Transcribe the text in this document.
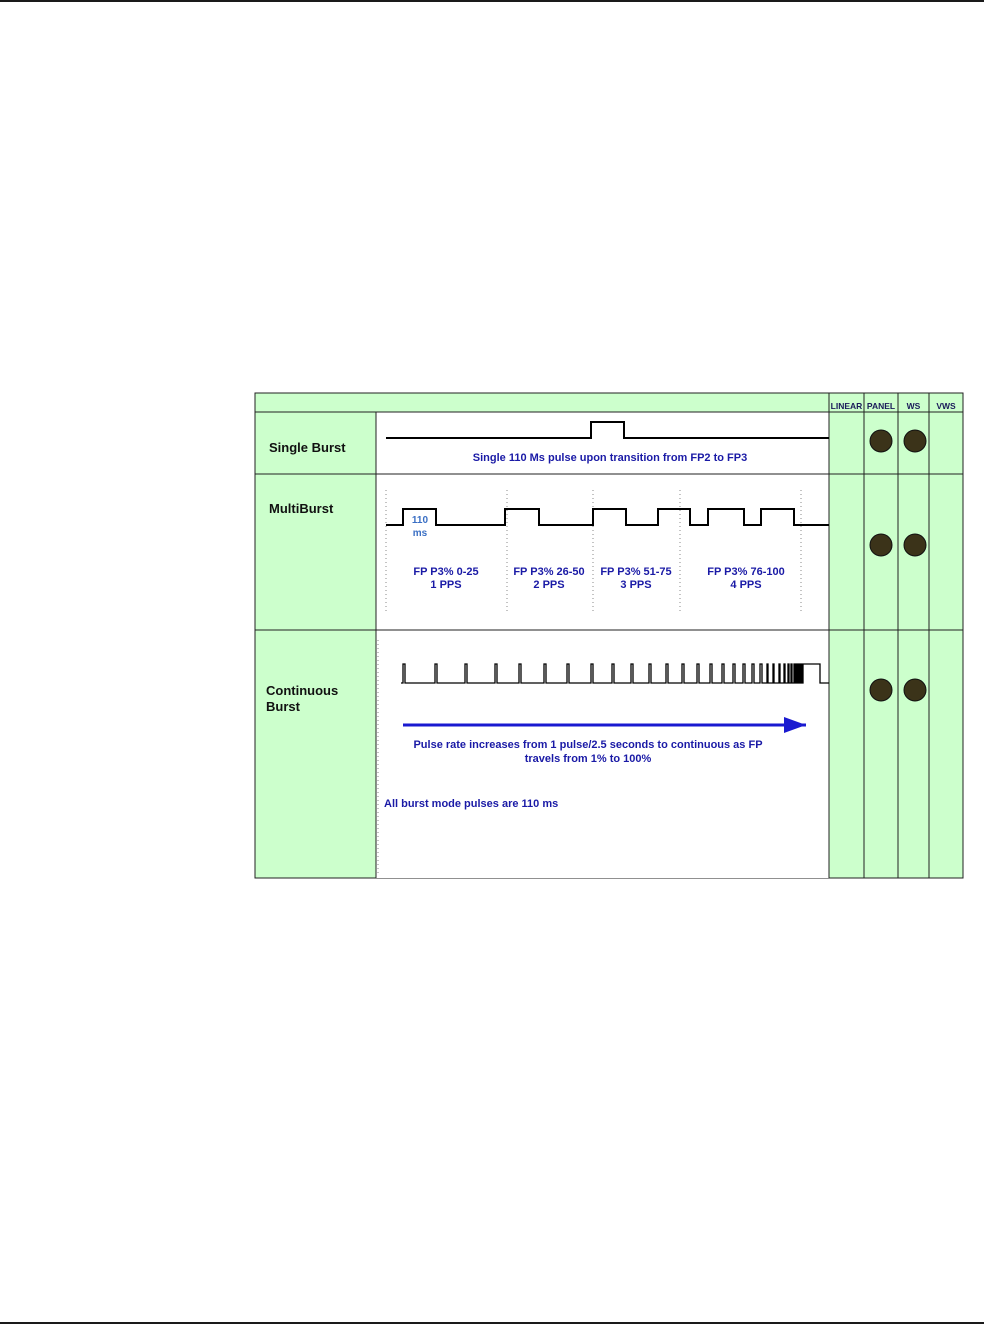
LINEAR PANEL WS VWS
Single Burst
MultiBurst
Continuous
Burst
Single 110 Ms pulse upon transition from FP2 to FP3
110
ms
FP P3% 0-25
1 PPS
FP P3% 26-50
2 PPS
FP P3% 51-75
3 PPS
FP P3% 76-100
4 PPS
Pulse rate increases from 1 pulse/2.5 seconds to continuous as FP
travels from 1% to 100%
All burst mode pulses are 110 ms
